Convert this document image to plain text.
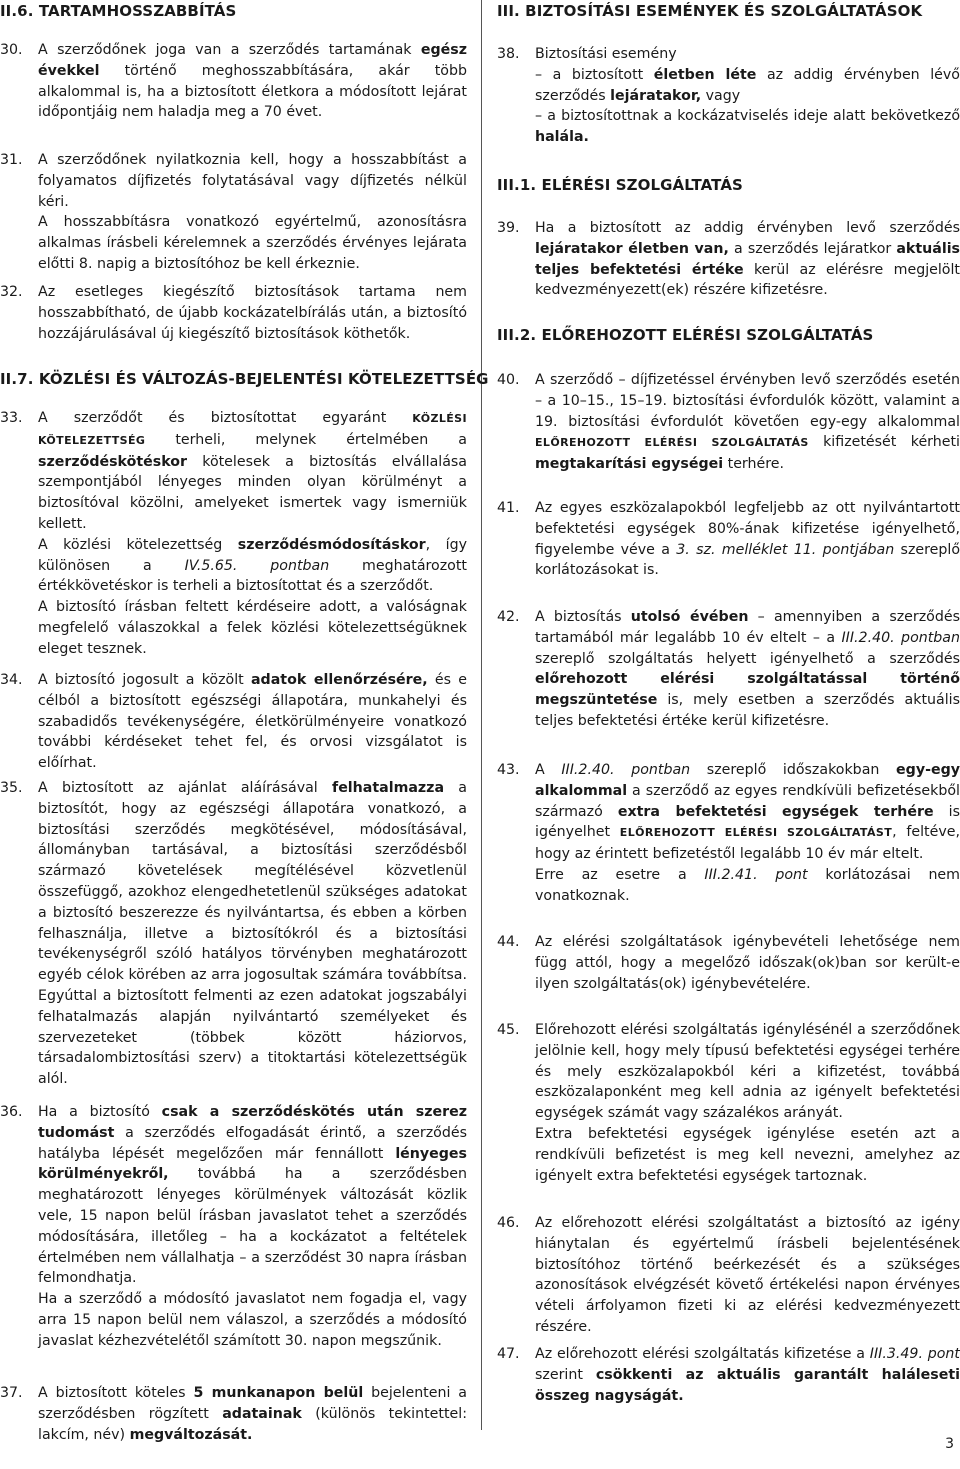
II.6. TARTAMHOSSZABBÍTÁS
30. A szerződőnek joga van a szerződés tartamának egész évekkel történő meghosszabbítására, akár több alkalommal is, ha a biztosított életkora a módosított lejárat időpontjáig nem haladja meg a 70 évet.

31. A szerződőnek nyilatkoznia kell, hogy a hosszabbítást a folyamatos díjfizetés folytatásával vagy díjfizetés nélkül kéri.

A hosszabbításra vonatkozó egyértelmű, azonosításra alkalmas írásbeli kérelemnek a szerződés érvényes lejárata előtti 8. napig a biztosítóhoz be kell érkeznie.

32. Az esetleges kiegészítő biztosítások tartama nem hosszabbítható, de újabb kockázatelbírálás után, a biztosító hozzájárulásával új kiegészítő biztosítások köthetők.

II.7. KÖZLÉSI ÉS VÁLTOZÁS-BEJELENTÉSI KÖTELEZETTSÉG
33. A szerződőt és biztosítottat egyaránt KÖZLÉSI KÖTELEZETTSÉG terheli, melynek értelmében a szerződéskötéskor kötelesek a biztosítás elvállalása szempontjából lényeges minden olyan körülményt a biztosítóval közölni, amelyeket ismertek vagy ismerniük kellett.

A közlési kötelezettség szerződésmódosításkor, így különösen a IV.5.65. pontban meghatározott értékkövetéskor is terheli a biztosítottat és a szerződőt.

A biztosító írásban feltett kérdéseire adott, a valóságnak megfelelő válaszokkal a felek közlési kötelezettségüknek eleget tesznek.

34. A biztosító jogosult a közölt adatok ellenőrzésére, és e célból a biztosított egészségi állapotára, munkahelyi és szabadidős tevékenységére, életkörülményeire vonatkozó további kérdéseket tehet fel, és orvosi vizsgálatot is előírhat.

35. A biztosított az ajánlat aláírásával felhatalmazza a biztosítót, hogy az egészségi állapotára vonatkozó, a biztosítási szerződés megkötésével, módosításával, állományban tartásával, a biztosítási szerződésből származó követelések megítélésével közvetlenül összefüggő, azokhoz elengedhetetlenül szükséges adatokat a biztosító beszerezze és nyilvántartsa, és ebben a körben felhasználja, illetve a biztosítókról és a biztosítási tevékenységről szóló hatályos törvényben meghatározott egyéb célok körében az arra jogosultak számára továbbítsa. Egyúttal a biztosított felmenti az ezen adatokat jogszabályi felhatalmazás alapján nyilvántartó személyeket és szervezeteket (többek között háziorvos, társadalombiztosítási szerv) a titoktartási kötelezettségük alól.

36. Ha a biztosító csak a szerződéskötés után szerez tudomást a szerződés elfogadását érintő, a szerződés hatályba lépését megelőzően már fennállott lényeges körülményekről, továbbá ha a szerződésben meghatározott lényeges körülmények változását közlik vele, 15 napon belül írásban javaslatot tehet a szerződés módosítására, illetőleg – ha a kockázatot a feltételek értelmében nem vállalhatja – a szerződést 30 napra írásban felmondhatja.

Ha a szerződő a módosító javaslatot nem fogadja el, vagy arra 15 napon belül nem válaszol, a szerződés a módosító javaslat kézhezvételétől számított 30. napon megszűnik.

37. A biztosított köteles 5 munkanapon belül bejelenteni a szerződésben rögzített adatainak (különös tekintettel: lakcím, név) megváltozását.

III. BIZTOSÍTÁSI ESEMÉNYEK ÉS SZOLGÁLTATÁSOK
38. Biztosítási esemény

– a biztosított életben léte az addig érvényben lévő szerződés lejáratakor, vagy

– a biztosítottnak a kockázatviselés ideje alatt bekövetkező halála.

III.1. ELÉRÉSI SZOLGÁLTATÁS
39. Ha a biztosított az addig érvényben levő szerződés lejáratakor életben van, a szerződés lejáratkor aktuális teljes befektetési értéke kerül az elérésre megjelölt kedvezményezett(ek) részére kifizetésre.

III.2. ELŐREHOZOTT ELÉRÉSI SZOLGÁLTATÁS
40. A szerződő – díjfizetéssel érvényben levő szerződés esetén – a 10–15., 15–19. biztosítási évfordulók között, valamint a 19. biztosítási évfordulót követően egy-egy alkalommal ELŐREHOZOTT ELÉRÉSI SZOLGÁLTATÁS kifizetését kérheti megtakarítási egységei terhére.

41. Az egyes eszközalapokból legfeljebb az ott nyilvántartott befektetési egységek 80%-ának kifizetése igényelhető, figyelembe véve a 3. sz. melléklet 11. pontjában szereplő korlátozásokat is.

42. A biztosítás utolsó évében – amennyiben a szerződés tartamából már legalább 10 év eltelt – a III.2.40. pontban szereplő szolgáltatás helyett igényelhető a szerződés előrehozott elérési szolgáltatással történő megszüntetése is, mely esetben a szerződés aktuális teljes befektetési értéke kerül kifizetésre.

43. A III.2.40. pontban szereplő időszakokban egy-egy alkalommal a szerződő az egyes rendkívüli befizetésekből származó extra befektetési egységek terhére is igényelhet ELŐREHOZOTT ELÉRÉSI SZOLGÁLTATÁST, feltéve, hogy az érintett befizetéstől legalább 10 év már eltelt.

Erre az esetre a III.2.41. pont korlátozásai nem vonatkoznak.

44. Az elérési szolgáltatások igénybevételi lehetősége nem függ attól, hogy a megelőző időszak(ok)ban sor került-e ilyen szolgáltatás(ok) igénybevételére.

45. Előrehozott elérési szolgáltatás igénylésénél a szerződőnek jelölnie kell, hogy mely típusú befektetési egységei terhére és mely eszközalapokból kéri a kifizetést, továbbá eszközalaponként meg kell adnia az igényelt befektetési egységek számát vagy százalékos arányát.

Extra befektetési egységek igénylése esetén azt a rendkívüli befizetést is meg kell nevezni, amelyhez az igényelt extra befektetési egységek tartoznak.

46. Az előrehozott elérési szolgáltatást a biztosító az igény hiánytalan és egyértelmű írásbeli bejelentésének biztosítóhoz történő beérkezését és a szükséges azonosítások elvégzését követő értékelési napon érvényes vételi árfolyamon fizeti ki az elérési kedvezményezett részére.

47. Az előrehozott elérési szolgáltatás kifizetése a III.3.49. pont szerint csökkenti az aktuális garantált haláleseti összeg nagyságát.

3
